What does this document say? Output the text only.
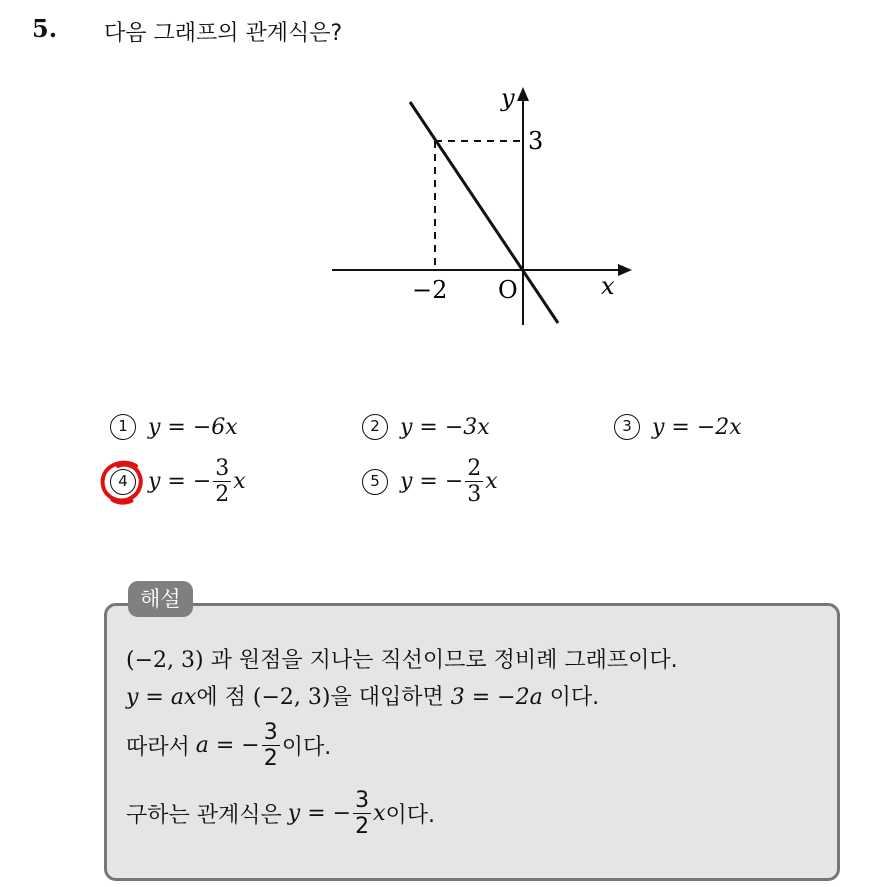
5. 다음 그래프의 관계식은?
y
3
−2 O	x
1 y = −6x	2 y = −3x	3 y = −2x
4 y = − $\frac{3}{2}$ x	5 y = − $\frac{2}{3}$ x
해설
(−2, 3) 과 원점을 지나는 직선이므로 정비례 그래프이다.
y = ax에 점 (−2, 3)을 대입하면 3 = −2a 이다.
따라서 a = − $\frac{3}{2}$ 이다.
구하는 관계식은 y = − $\frac{3}{2}$ x 이다.
